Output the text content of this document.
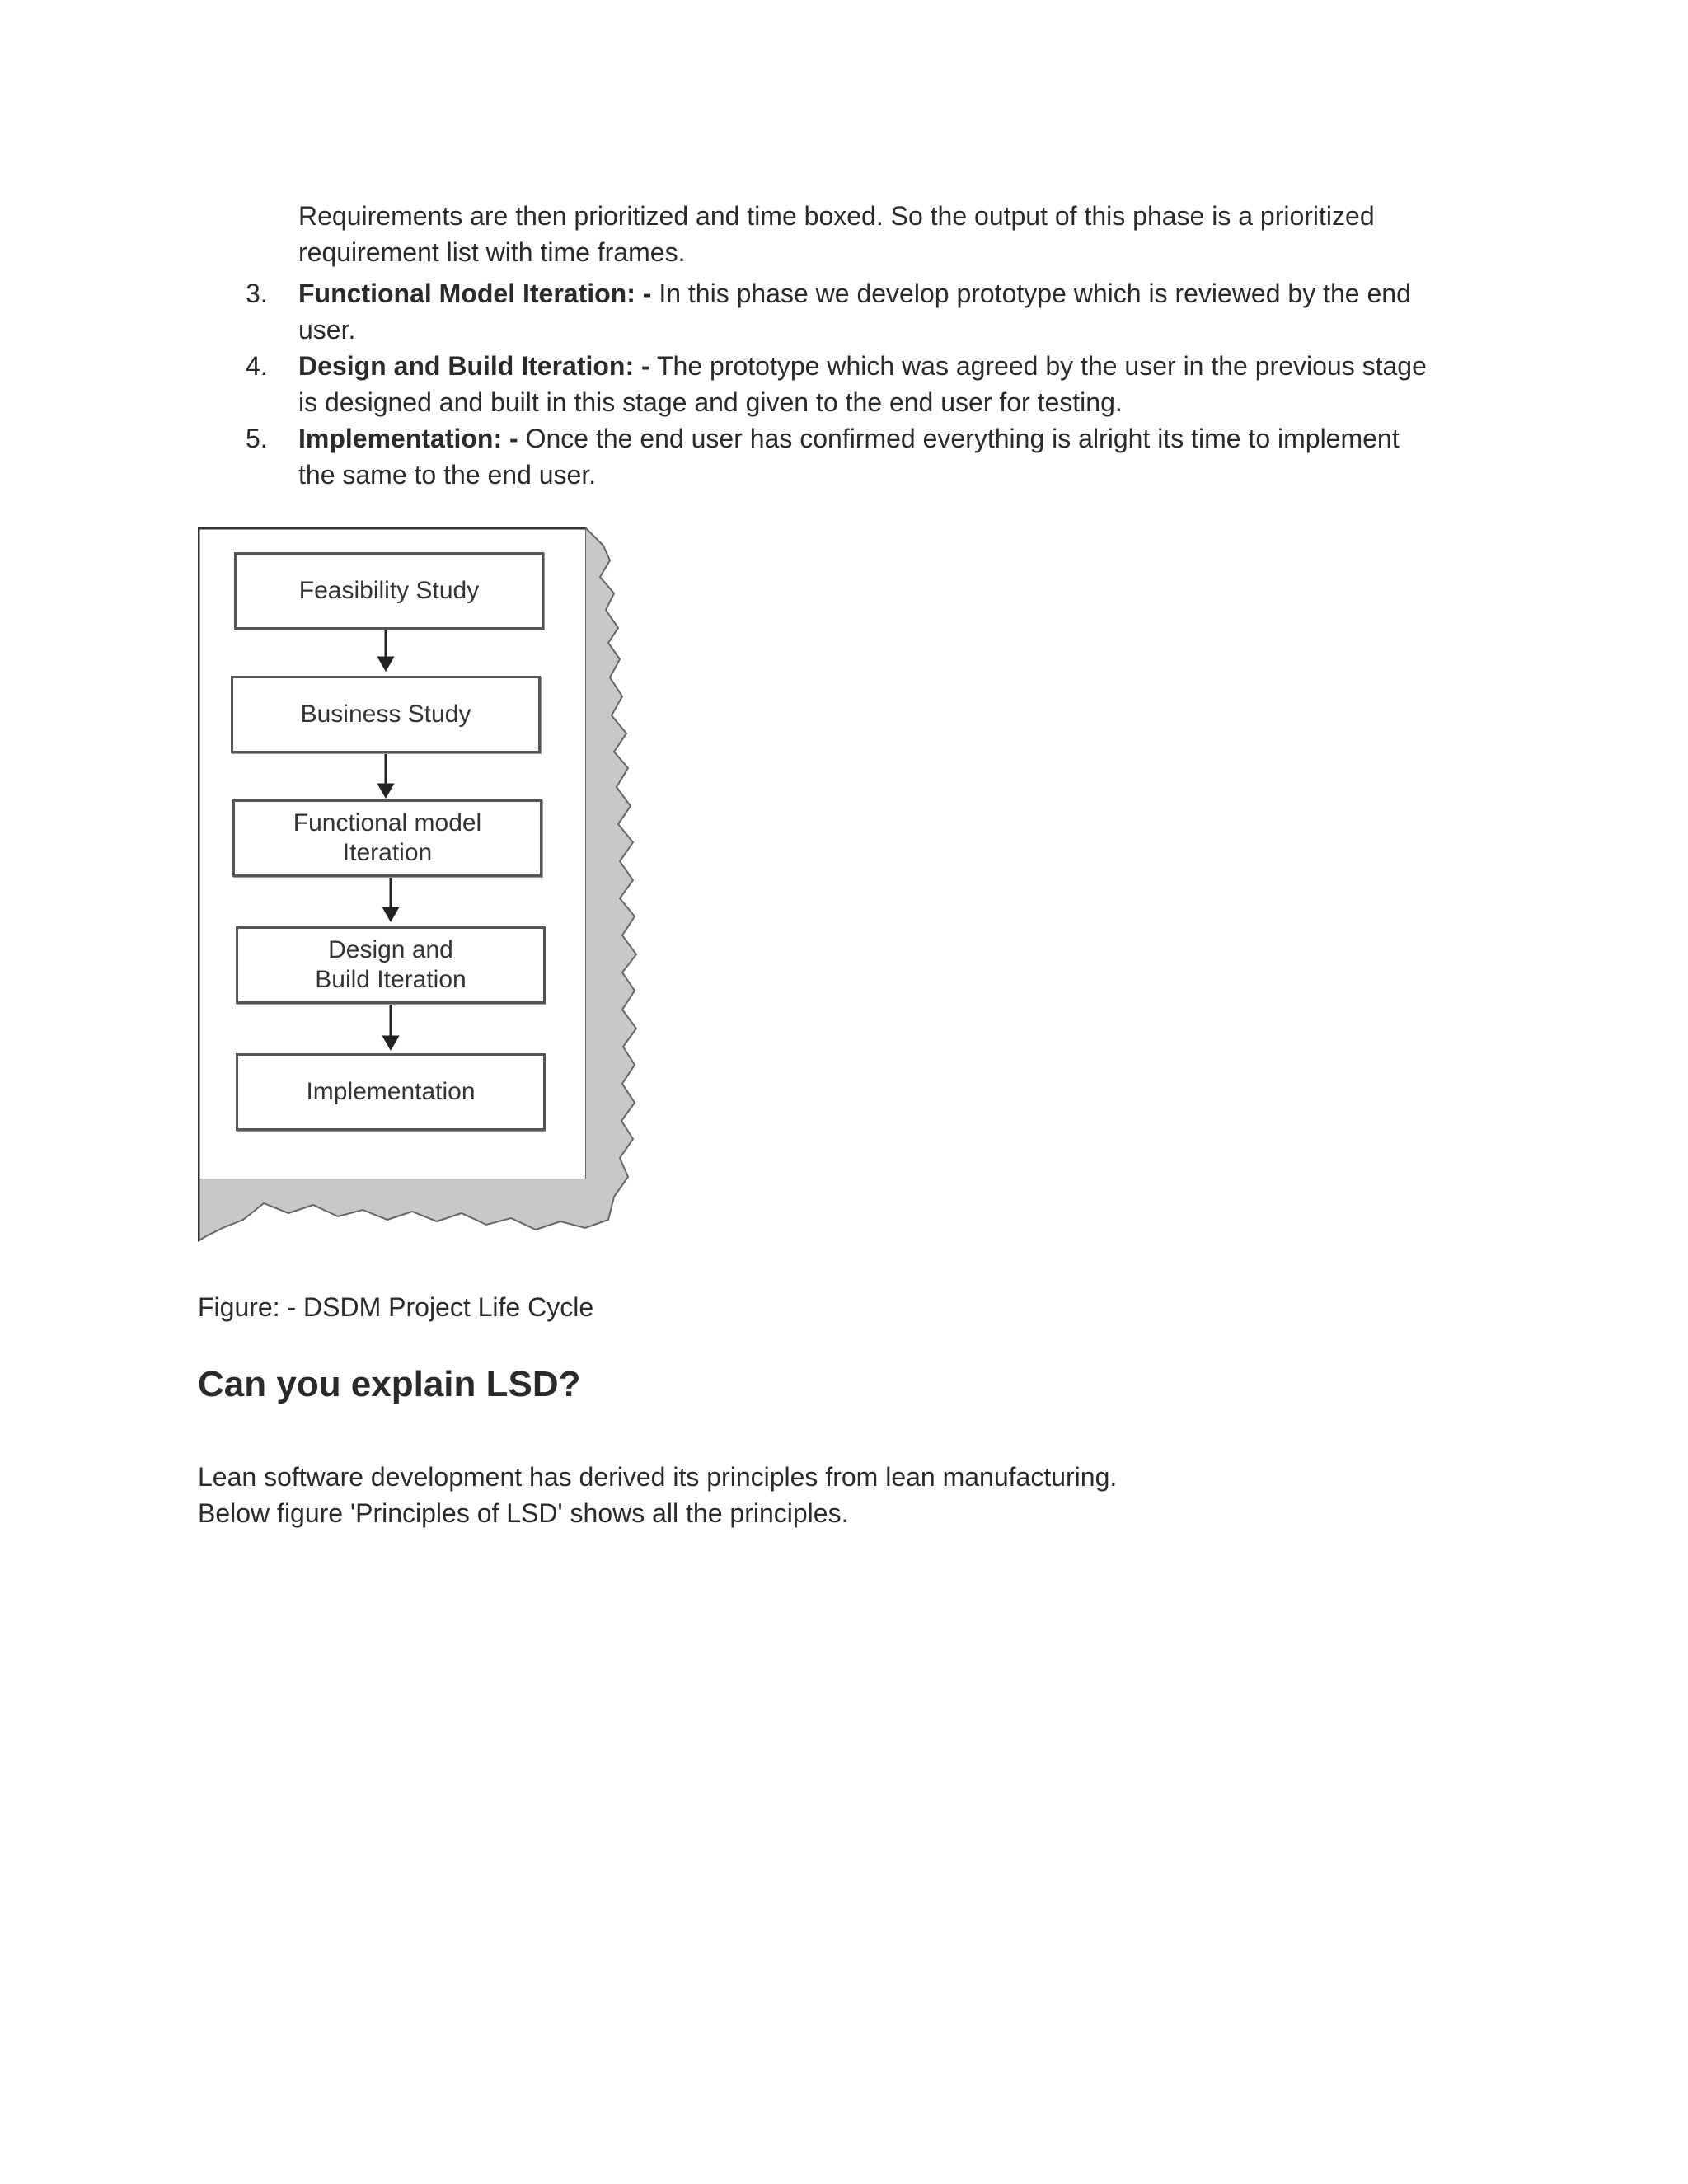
Requirements are then prioritized and time boxed. So the output of this phase is a prioritized
requirement list with time frames.

3. Functional Model Iteration: - In this phase we develop prototype which is reviewed by the end
user.
4. Design and Build Iteration: - The prototype which was agreed by the user in the previous stage
is designed and built in this stage and given to the end user for testing.
5. Implementation: - Once the end user has confirmed everything is alright its time to implement
the same to the end user.
Feasibility Study
Business Study
Functional model
Iteration
Design and
Build Iteration
Implementation

Figure: - DSDM Project Life Cycle

Can you explain LSD?

Lean software development has derived its principles from lean manufacturing.
Below figure 'Principles of LSD' shows all the principles.
